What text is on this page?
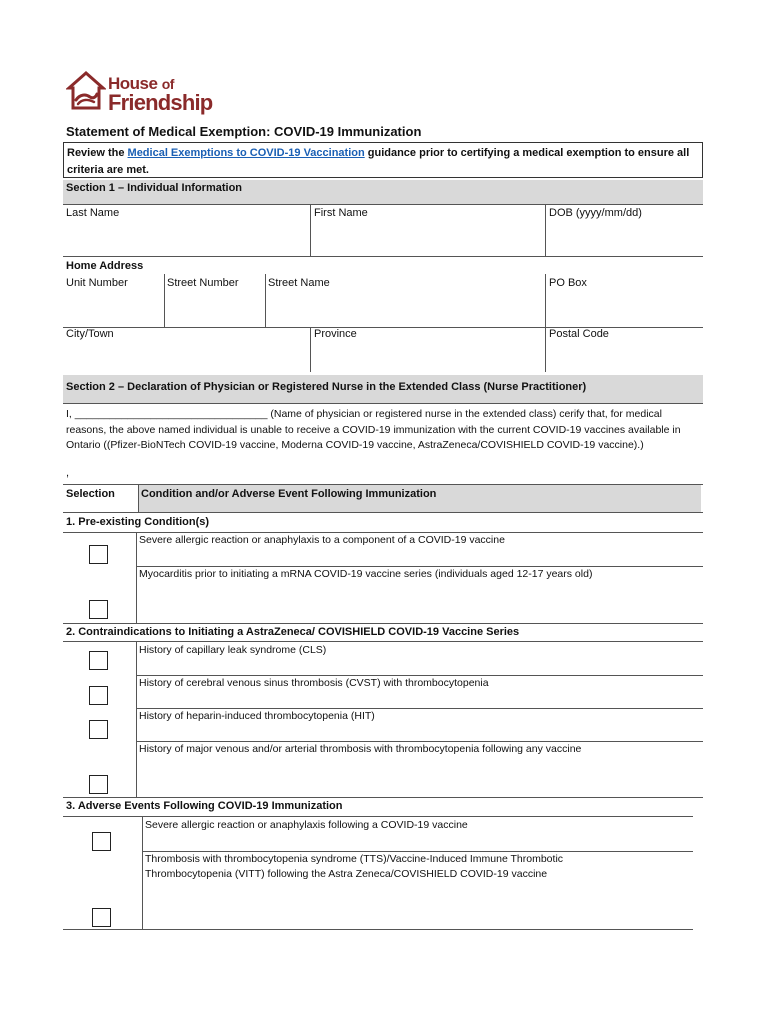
House of
Friendship
Statement of Medical Exemption: COVID-19 Immunization
Review the Medical Exemptions to COVID-19 Vaccination guidance prior to certifying a medical exemption to ensure all criteria are met.
Section 1 – Individual Information
Last Name	First Name	DOB (yyyy/mm/dd)
Home Address
Unit Number	Street Number	Street Name	PO Box
City/Town	Province	Postal Code
Section 2 – Declaration of Physician or Registered Nurse in the Extended Class (Nurse Practitioner)
I, _________________________________ (Name of physician or registered nurse in the extended class) cerify that, for medical reasons, the above named individual is unable to receive a COVID-19 immunization with the current COVID-19 vaccines available in Ontario ((Pfizer-BioNTech COVID-19 vaccine, Moderna COVID-19 vaccine, AstraZeneca/COVISHIELD COVID-19 vaccine).)
,
Selection Condition and/or Adverse Event Following Immunization
1. Pre-existing Condition(s)
Severe allergic reaction or anaphylaxis to a component of a COVID-19 vaccine
Myocarditis prior to initiating a mRNA COVID-19 vaccine series (individuals aged 12-17 years old)
2. Contraindications to Initiating a AstraZeneca/ COVISHIELD COVID-19 Vaccine Series
History of capillary leak syndrome (CLS)
History of cerebral venous sinus thrombosis (CVST) with thrombocytopenia
History of heparin-induced thrombocytopenia (HIT)
History of major venous and/or arterial thrombosis with thrombocytopenia following any vaccine
3. Adverse Events Following COVID-19 Immunization
Severe allergic reaction or anaphylaxis following a COVID-19 vaccine
Thrombosis with thrombocytopenia syndrome (TTS)/Vaccine-Induced Immune Thrombotic Thrombocytopenia (VITT) following the Astra Zeneca/COVISHIELD COVID-19 vaccine
